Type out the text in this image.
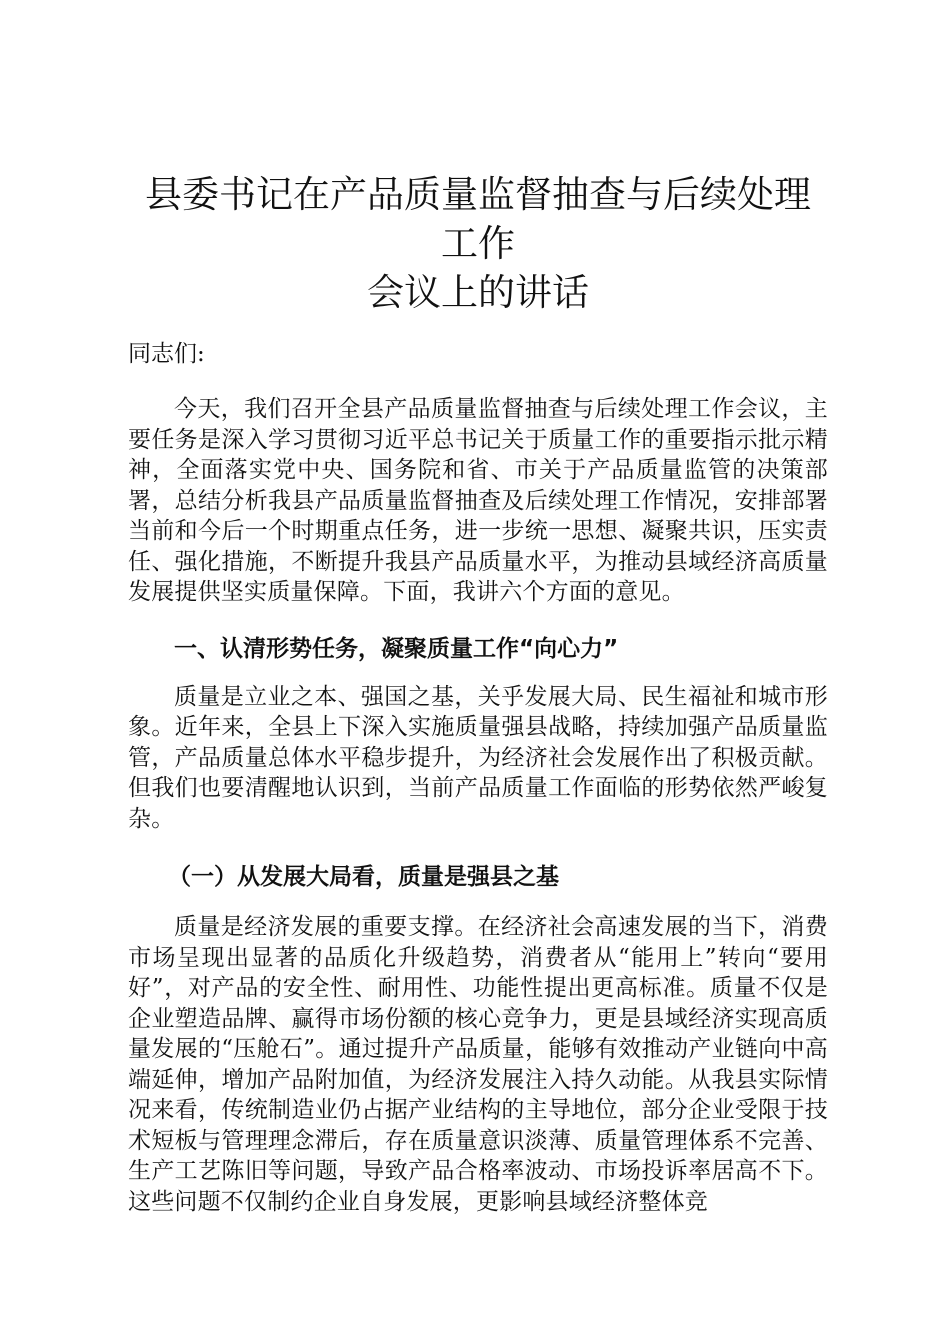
县委书记在产品质量监督抽查与后续处理工作
会议上的讲话

同志们:

今天，我们召开全县产品质量监督抽查与后续处理工作会议，主要任务是深入学习贯彻习近平总书记关于质量工作的重要指示批示精神，全面落实党中央、国务院和省、市关于产品质量监管的决策部署，总结分析我县产品质量监督抽查及后续处理工作情况，安排部署当前和今后一个时期重点任务，进一步统一思想、凝聚共识，压实责任、强化措施，不断提升我县产品质量水平，为推动县域经济高质量发展提供坚实质量保障。下面，我讲六个方面的意见。

一、认清形势任务，凝聚质量工作“向心力”

质量是立业之本、强国之基，关乎发展大局、民生福祉和城市形象。近年来，全县上下深入实施质量强县战略，持续加强产品质量监管，产品质量总体水平稳步提升，为经济社会发展作出了积极贡献。但我们也要清醒地认识到，当前产品质量工作面临的形势依然严峻复杂。

（一）从发展大局看，质量是强县之基

质量是经济发展的重要支撑。在经济社会高速发展的当下，消费市场呈现出显著的品质化升级趋势，消费者从“能用上”转向“要用好”，对产品的安全性、耐用性、功能性提出更高标准。质量不仅是企业塑造品牌、赢得市场份额的核心竞争力，更是县域经济实现高质量发展的“压舱石”。通过提升产品质量，能够有效推动产业链向中高端延伸，增加产品附加值，为经济发展注入持久动能。从我县实际情况来看，传统制造业仍占据产业结构的主导地位，部分企业受限于技术短板与管理理念滞后，存在质量意识淡薄、质量管理体系不完善、生产工艺陈旧等问题，导致产品合格率波动、市场投诉率居高不下。这些问题不仅制约企业自身发展，更影响县域经济整体竞
